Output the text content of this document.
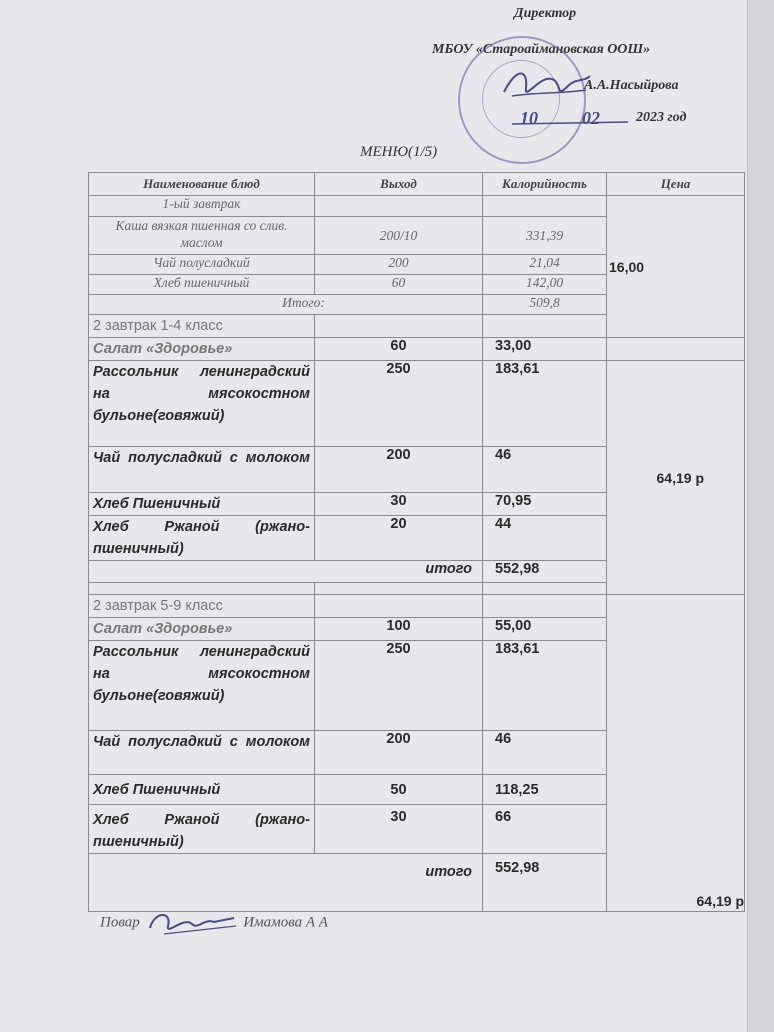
Директор
МБОУ «Староаймановская ООШ»
А.А.Насыйрова
10 02	2023 год
МЕНЮ(1/5)
Наименование блюд	Выход	Калорийность	Цена
1-ый завтрак			16,00
Каша вязкая пшенная со слив. маслом	200/10	331,39	
Чай полусладкий	200	21,04	
Хлеб пшеничный	60	142,00	
Итого:		509,8	
2 завтрак 1-4 класс			
Салат «Здоровье»	60	33,00	
Рассольник ленинградский на мясокостном бульоне(говяжий)	250	183,61	64,19 р
Чай полусладкий с молоком	200	46	
Хлеб Пшеничный	30	70,95	
Хлеб Ржаной (ржано-пшеничный)	20	44	
итого		552,98	

2 завтрак 5-9 класс			64,19 р
Салат «Здоровье»	100	55,00	
Рассольник ленинградский на мясокостном бульоне(говяжий)	250	183,61	
Чай полусладкий с молоком	200	46	
Хлеб Пшеничный	50	118,25	
Хлеб Ржаной (ржано-пшеничный)	30	66	
итого		552,98	
Повар	Имамова А А
